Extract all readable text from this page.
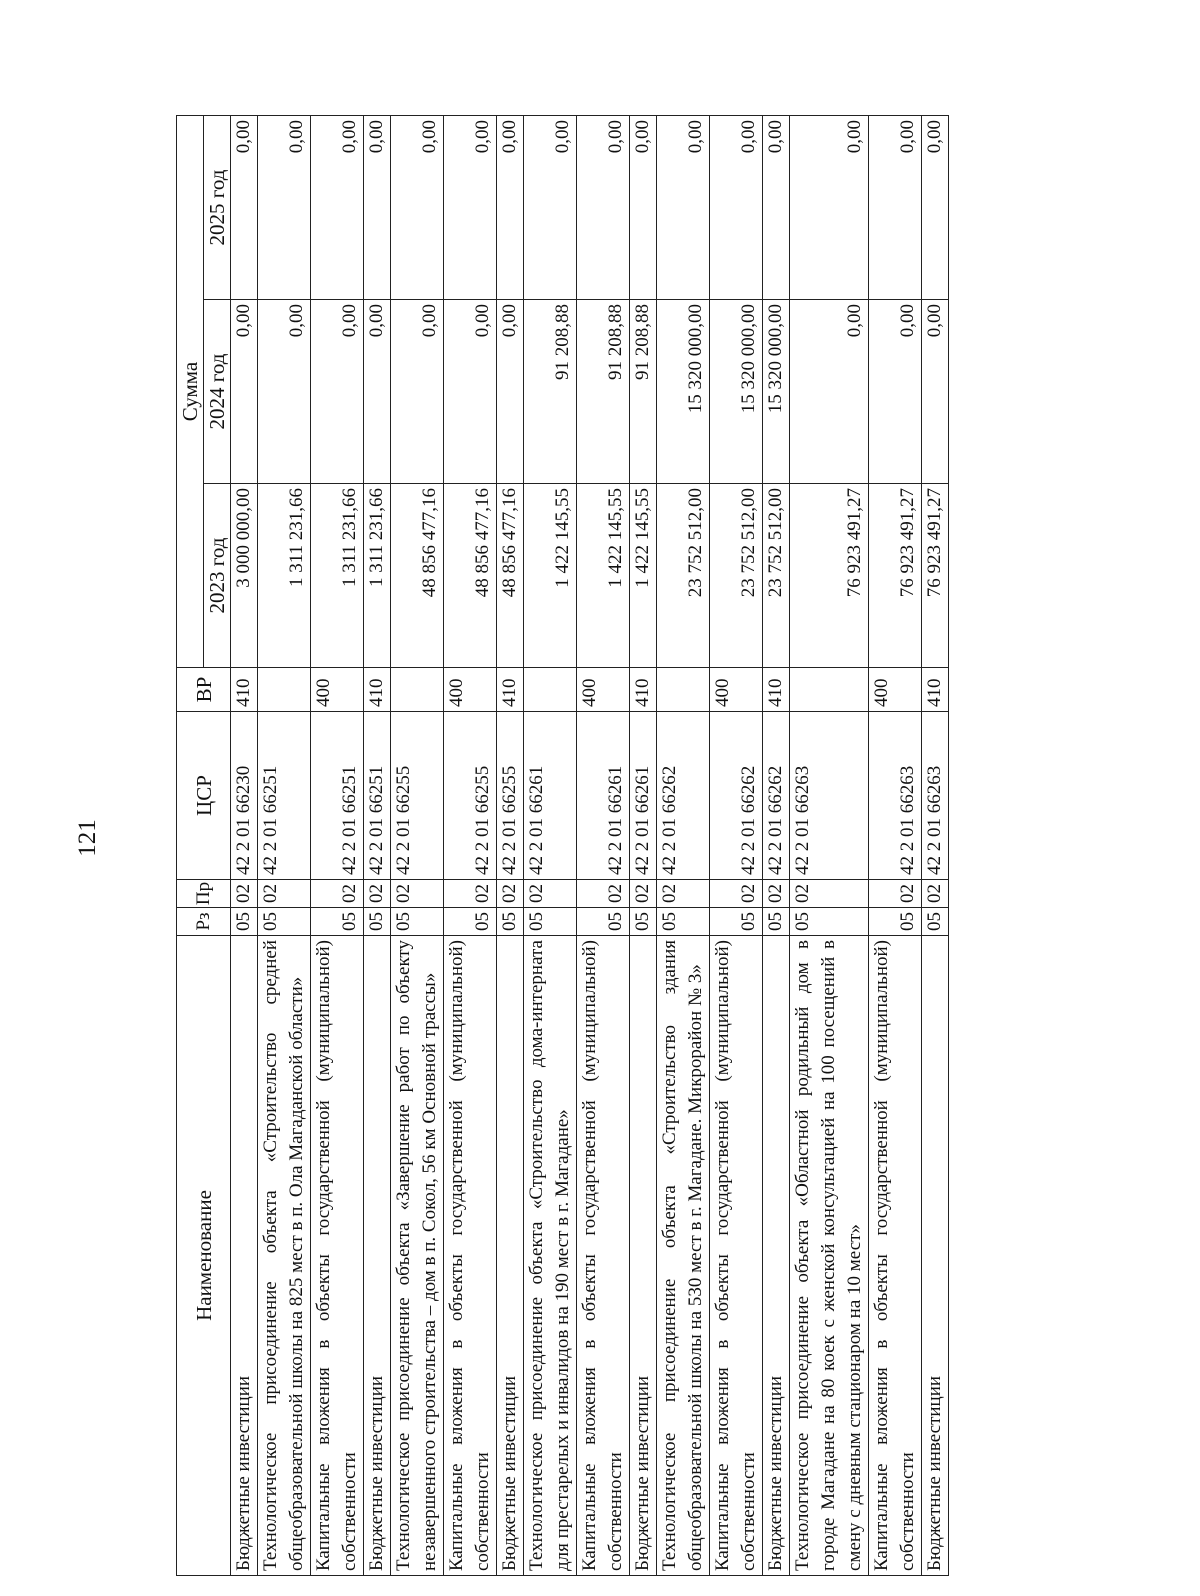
121
Наименование	Рз	Пр	ЦСР	ВР	Сумма		
					2023 год	2024 год	2025 год
Бюджетные инвестиции	05	02	42 2 01 66230	410	3 000 000,00	0,00	0,00
Технологическое присоединение объекта «Строительство средней общеобразовательной школы на 825 мест в п. Ола Магаданской области»	05	02	42 2 01 66251		1 311 231,66	0,00	0,00
Капитальные вложения в объекты государственной (муниципальной) собственности	05	02	42 2 01 66251	400	1 311 231,66	0,00	0,00
Бюджетные инвестиции	05	02	42 2 01 66251	410	1 311 231,66	0,00	0,00
Технологическое присоединение объекта «Завершение работ по объекту незавершенного строительства – дом в п. Сокол, 56 км Основной трассы»	05	02	42 2 01 66255		48 856 477,16	0,00	0,00
Капитальные вложения в объекты государственной (муниципальной) собственности	05	02	42 2 01 66255	400	48 856 477,16	0,00	0,00
Бюджетные инвестиции	05	02	42 2 01 66255	410	48 856 477,16	0,00	0,00
Технологическое присоединение объекта «Строительство дома-интерната для престарелых и инвалидов на 190 мест в г. Магадане»	05	02	42 2 01 66261		1 422 145,55	91 208,88	0,00
Капитальные вложения в объекты государственной (муниципальной) собственности	05	02	42 2 01 66261	400	1 422 145,55	91 208,88	0,00
Бюджетные инвестиции	05	02	42 2 01 66261	410	1 422 145,55	91 208,88	0,00
Технологическое присоединение объекта «Строительство здания общеобразовательной школы на 530 мест в г. Магадане. Микрорайон № 3»	05	02	42 2 01 66262		23 752 512,00	15 320 000,00	0,00
Капитальные вложения в объекты государственной (муниципальной) собственности	05	02	42 2 01 66262	400	23 752 512,00	15 320 000,00	0,00
Бюджетные инвестиции	05	02	42 2 01 66262	410	23 752 512,00	15 320 000,00	0,00
Технологическое присоединение объекта «Областной родильный дом в городе Магадане на 80 коек с женской консультацией на 100 посещений в смену с дневным стационаром на 10 мест»	05	02	42 2 01 66263		76 923 491,27	0,00	0,00
Капитальные вложения в объекты государственной (муниципальной) собственности	05	02	42 2 01 66263	400	76 923 491,27	0,00	0,00
Бюджетные инвестиции	05	02	42 2 01 66263	410	76 923 491,27	0,00	0,00
